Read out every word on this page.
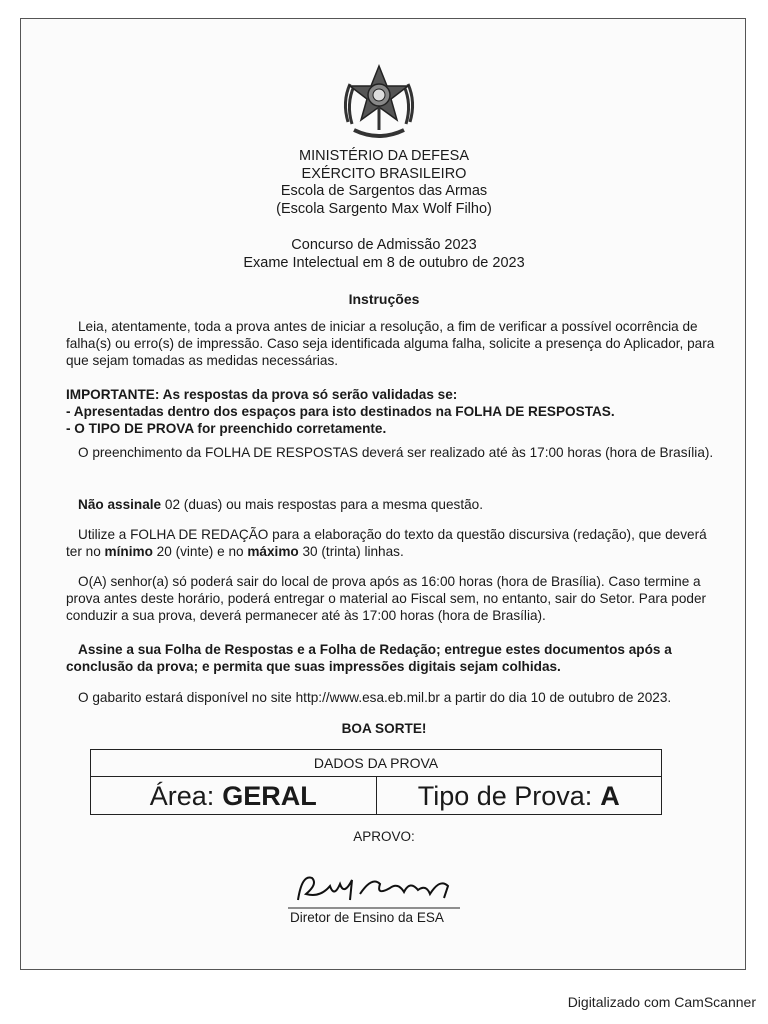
MINISTÉRIO DA DEFESA
EXÉRCITO BRASILEIRO
Escola de Sargentos das Armas
(Escola Sargento Max Wolf Filho)
Concurso de Admissão 2023
Exame Intelectual em 8 de outubro de 2023
Instruções
Leia, atentamente, toda a prova antes de iniciar a resolução, a fim de verificar a possível ocorrência de falha(s) ou erro(s) de impressão. Caso seja identificada alguma falha, solicite a presença do Aplicador, para que sejam tomadas as medidas necessárias.
IMPORTANTE: As respostas da prova só serão validadas se:
- Apresentadas dentro dos espaços para isto destinados na FOLHA DE RESPOSTAS.
- O TIPO DE PROVA for preenchido corretamente.
O preenchimento da FOLHA DE RESPOSTAS deverá ser realizado até às 17:00 horas (hora de Brasília).
Não assinale 02 (duas) ou mais respostas para a mesma questão.
Utilize a FOLHA DE REDAÇÃO para a elaboração do texto da questão discursiva (redação), que deverá ter no mínimo 20 (vinte) e no máximo 30 (trinta) linhas.
O(A) senhor(a) só poderá sair do local de prova após as 16:00 horas (hora de Brasília). Caso termine a prova antes deste horário, poderá entregar o material ao Fiscal sem, no entanto, sair do Setor. Para poder conduzir a sua prova, deverá permanecer até às 17:00 horas (hora de Brasília).
Assine a sua Folha de Respostas e a Folha de Redação; entregue estes documentos após a conclusão da prova; e permita que suas impressões digitais sejam colhidas.
O gabarito estará disponível no site http://www.esa.eb.mil.br a partir do dia 10 de outubro de 2023.
BOA SORTE!
DADOS DA PROVA
Área: GERAL	Tipo de Prova: A
APROVO:
Diretor de Ensino da ESA
Digitalizado com CamScanner
